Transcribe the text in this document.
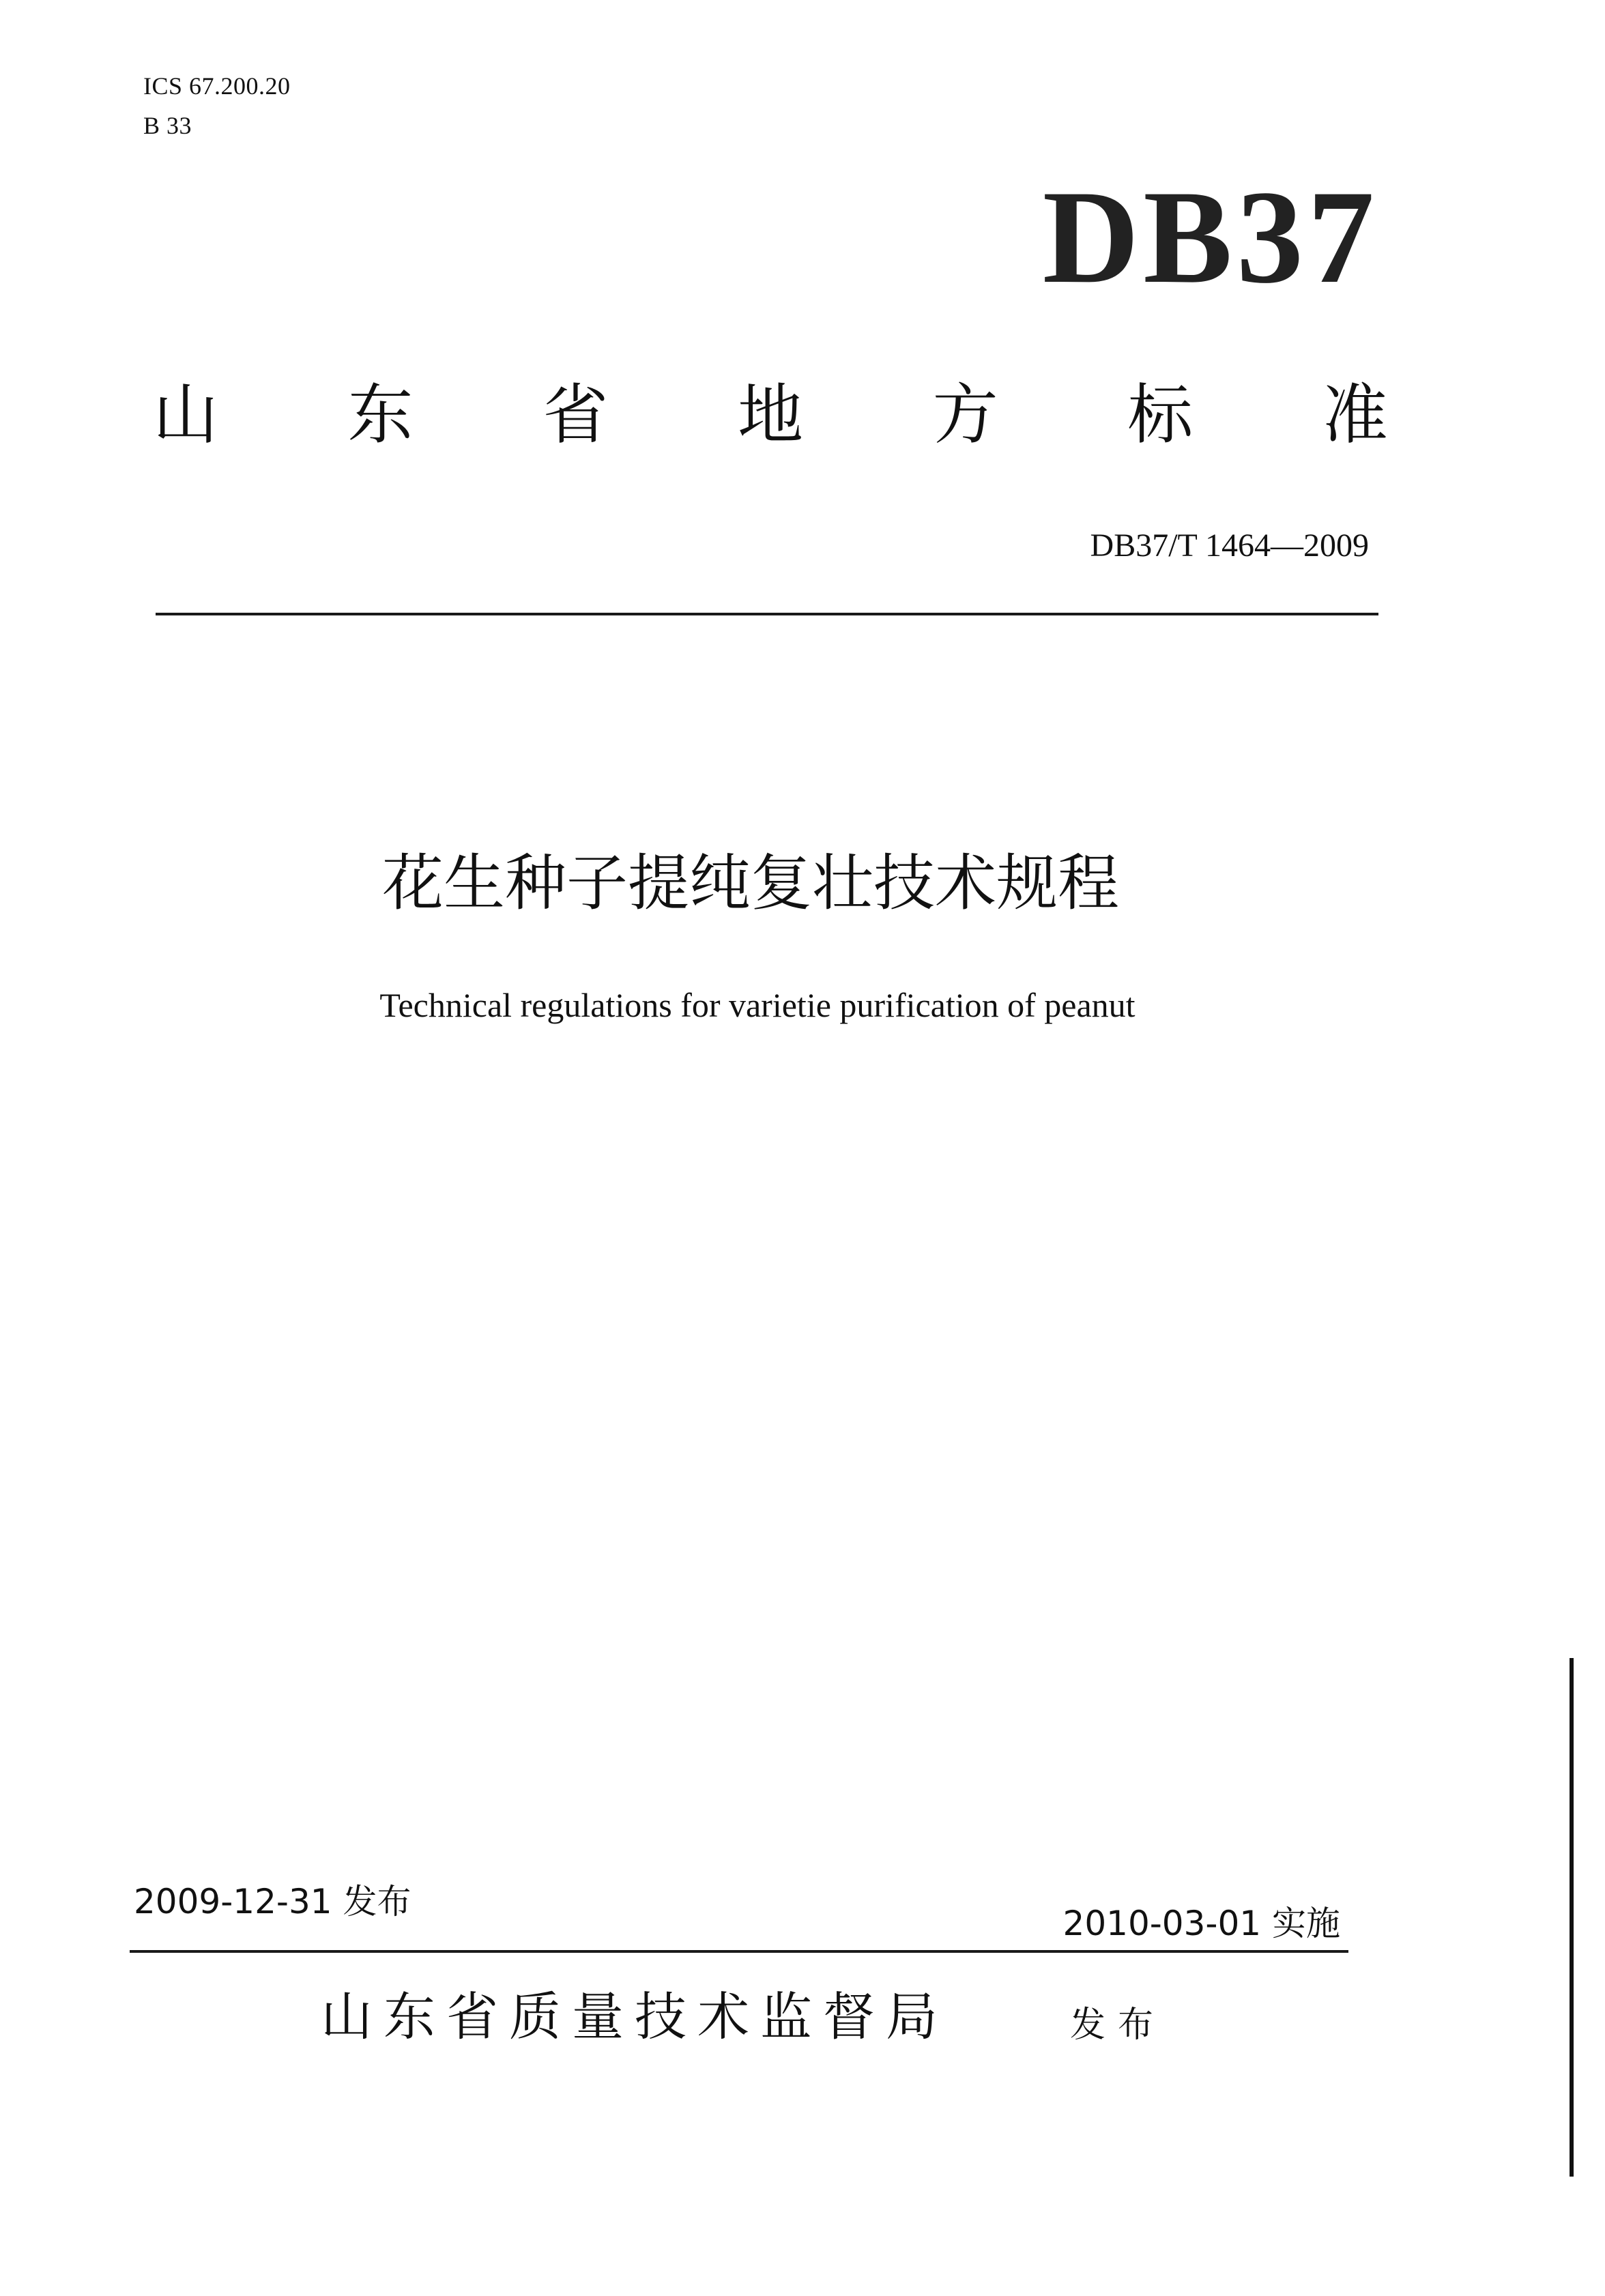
ICS 67.200.20
B 33
DB37
山 东 省 地 方 标 准
DB37/T 1464—2009
花生种子提纯复壮技术规程
Technical regulations for varietie purification of peanut
2009-12-31 发布
2010-03-01 实施
山东省质量技术监督局	发布
